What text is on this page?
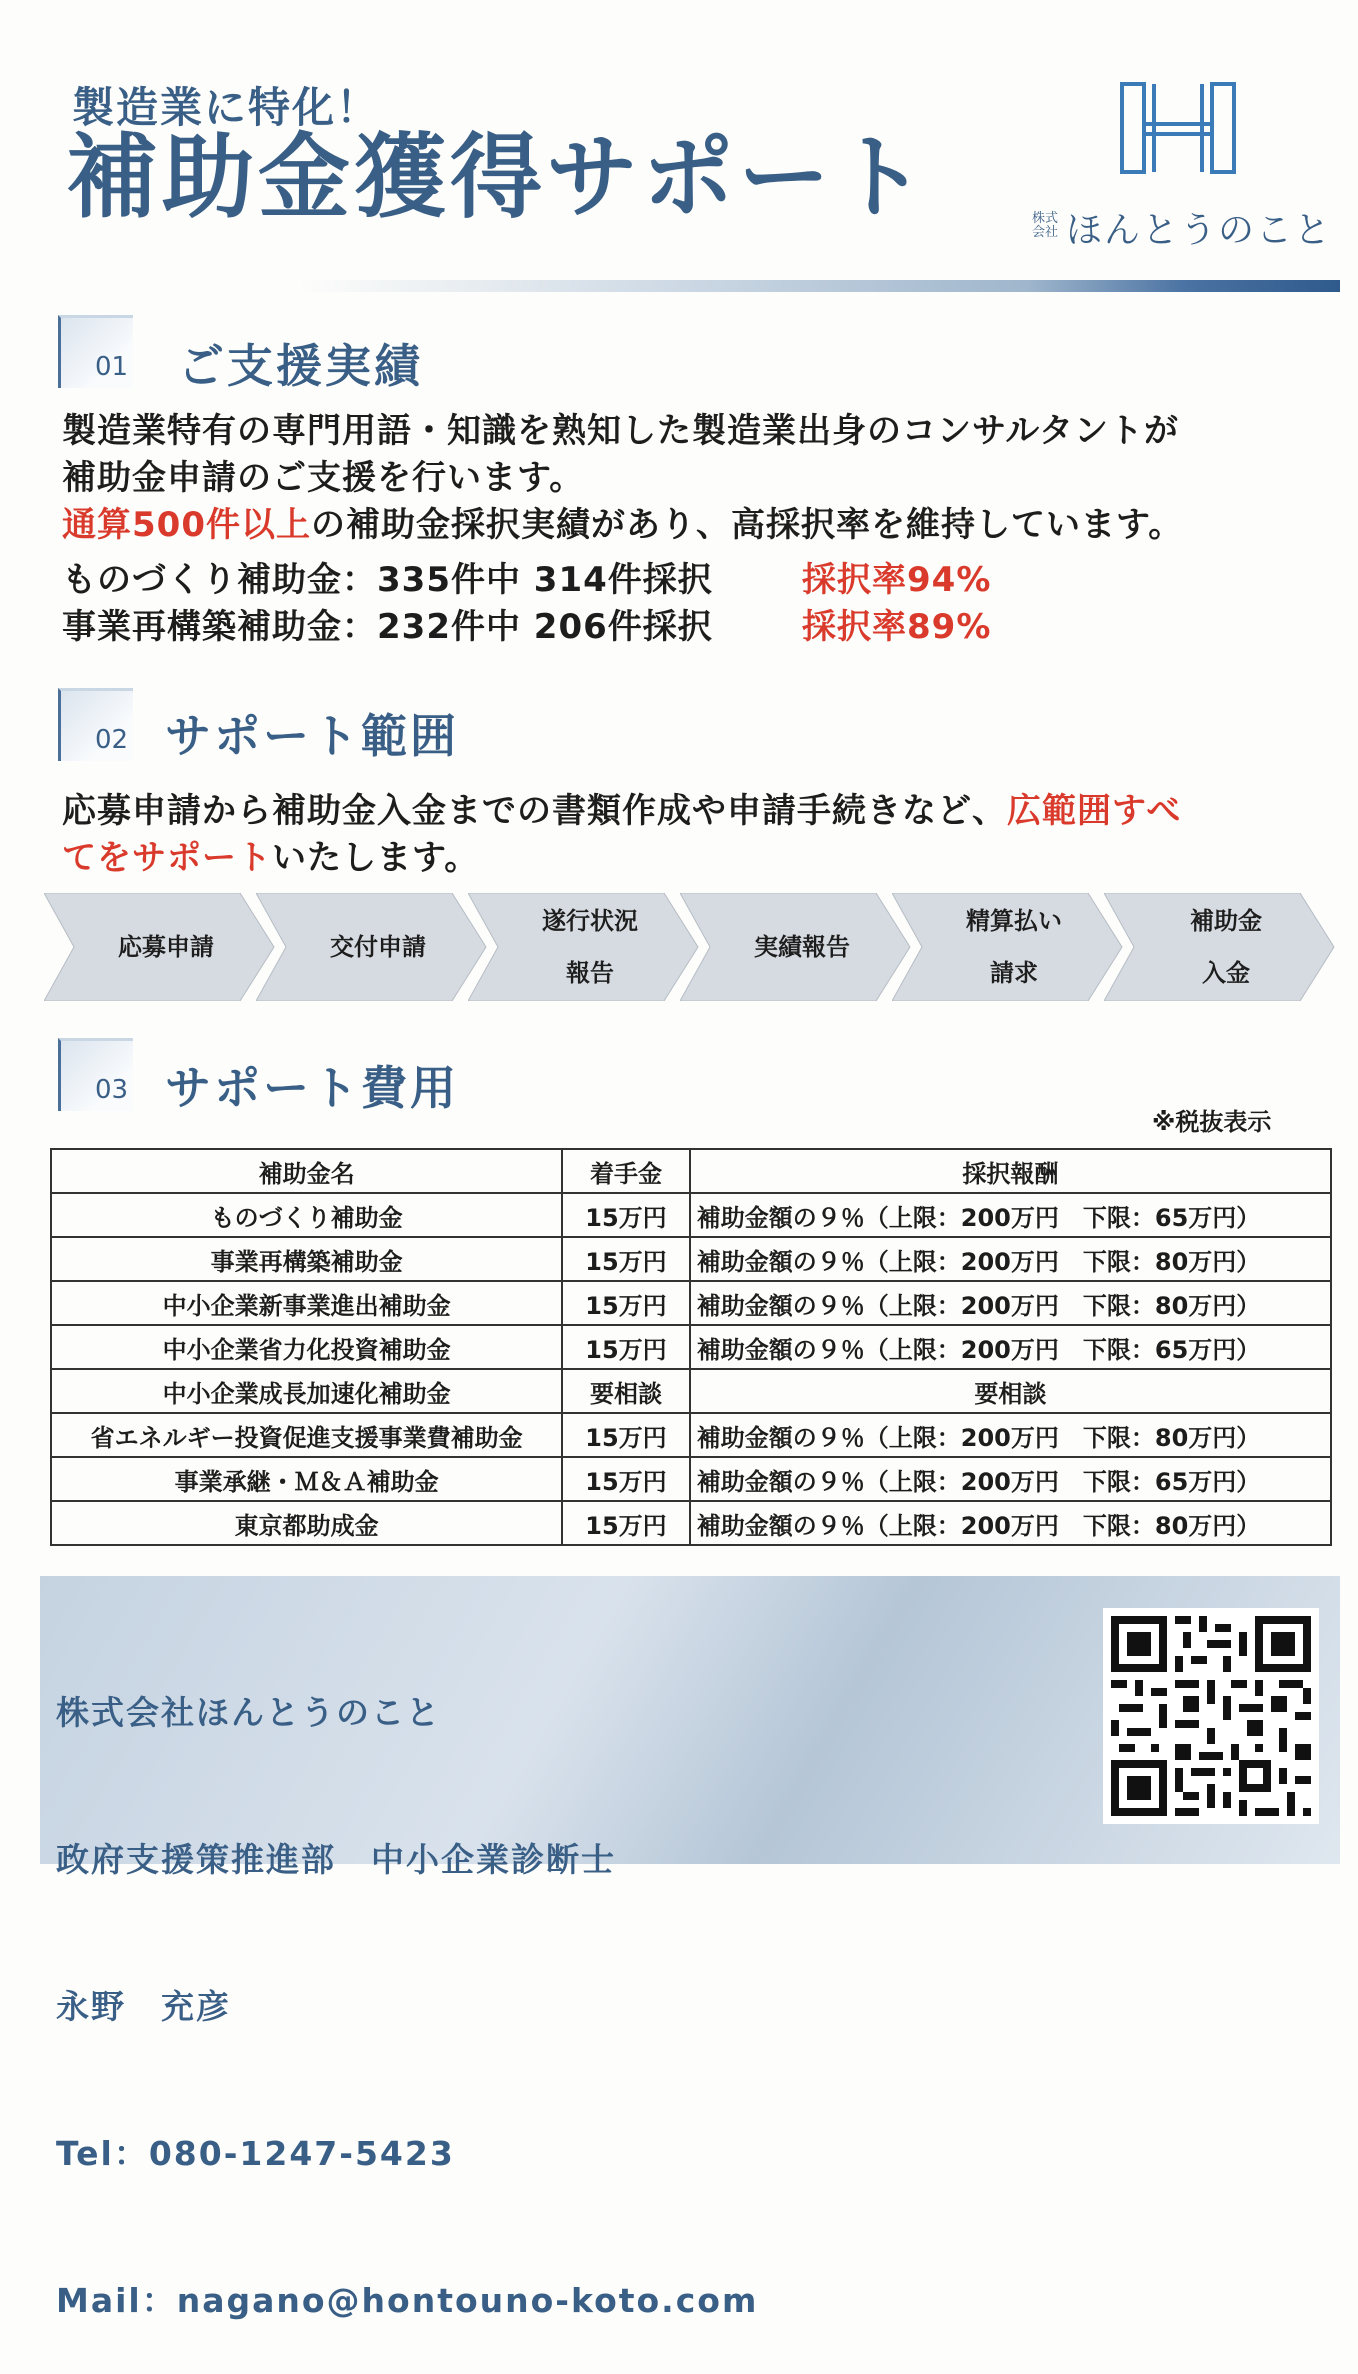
製造業に特化！
補助金獲得サポート	株式
会社 ほんとうのこと
01 ご支援実績
製造業特有の専門用語・知識を熟知した製造業出身のコンサルタントが
補助金申請のご支援を行います。
通算500件以上の補助金採択実績があり、高採択率を維持しています。
ものづくり補助金：335件中 314件採択	採択率94%
事業再構築補助金：232件中 206件採択	採択率89%
02 サポート範囲
応募申請から補助金入金までの書類作成や申請手続きなど、広範囲すべ
てをサポートいたします。
応募申請	交付申請
遂行状況
報告
実績報告
精算払い
請求
補助金
入金
03 サポート費用
※税抜表示
補助金名	着手金	採択報酬
ものづくり補助金	15万円	補助金額の９％（上限：200万円　下限：65万円）
事業再構築補助金	15万円	補助金額の９％（上限：200万円　下限：80万円）
中小企業新事業進出補助金	15万円	補助金額の９％（上限：200万円　下限：80万円）
中小企業省力化投資補助金	15万円	補助金額の９％（上限：200万円　下限：65万円）
中小企業成長加速化補助金	要相談	要相談
省エネルギー投資促進支援事業費補助金	15万円	補助金額の９％（上限：200万円　下限：80万円）
事業承継・Ｍ＆Ａ補助金	15万円	補助金額の９％（上限：200万円　下限：65万円）
東京都助成金	15万円	補助金額の９％（上限：200万円　下限：80万円）

株式会社ほんとうのこと

政府支援策推進部　中小企業診断士

永野　充彦

Tel：080-1247-5423

Mail：nagano@hontouno-koto.com
